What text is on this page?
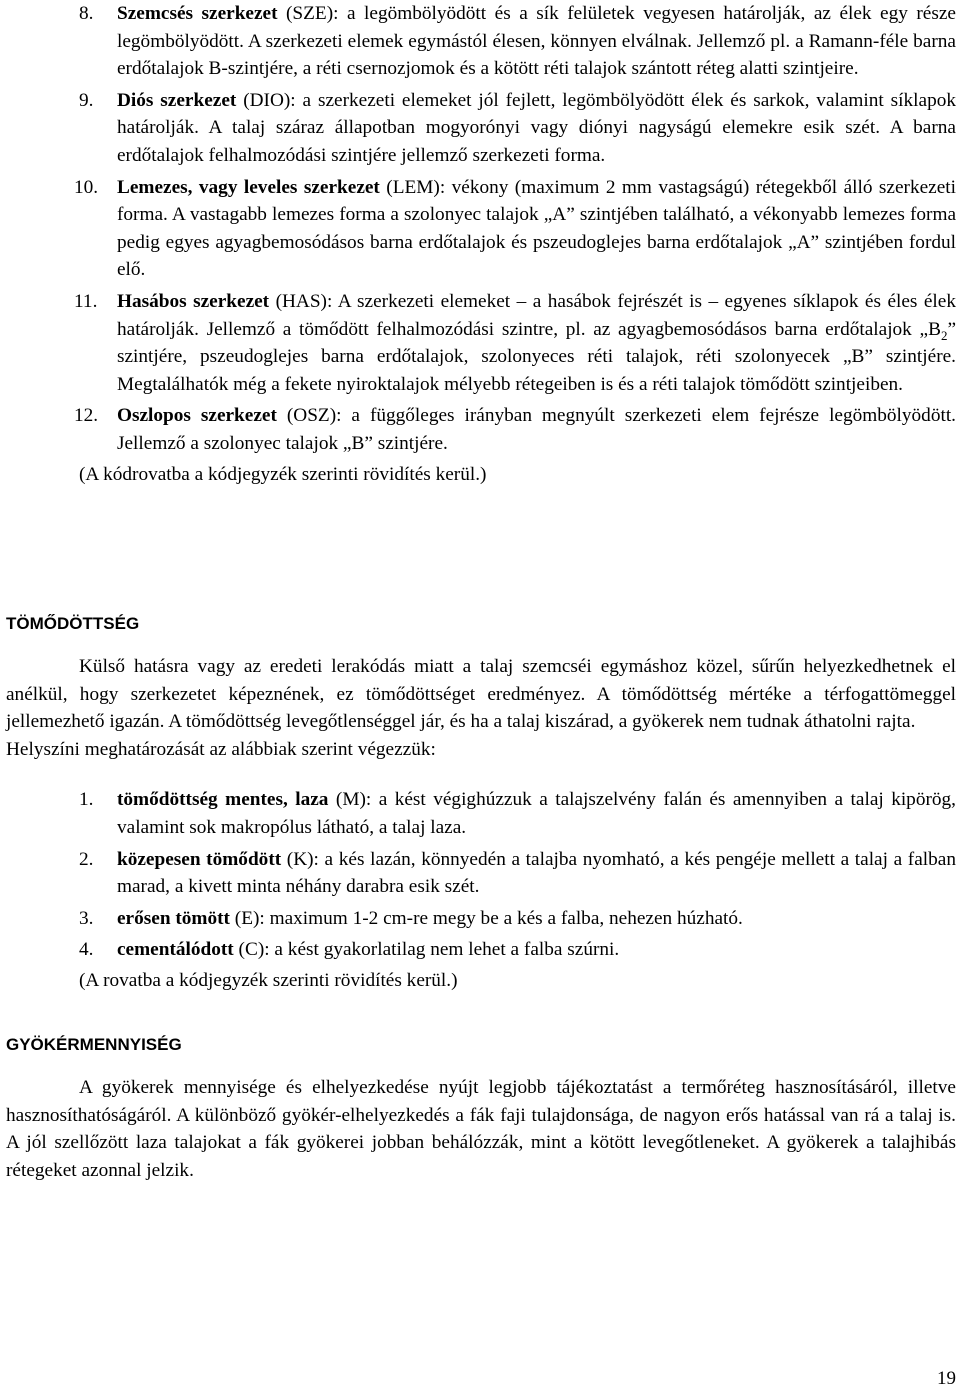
8. Szemcsés szerkezet (SZE): a legömbölyödött és a sík felületek vegyesen határolják, az élek egy része legömbölyödött. A szerkezeti elemek egymástól élesen, könnyen elválnak. Jellemző pl. a Ramann-féle barna erdőtalajok B-szintjére, a réti csernozjomok és a kötött réti talajok szántott réteg alatti szintjeire.
9. Diós szerkezet (DIO): a szerkezeti elemeket jól fejlett, legömbölyödött élek és sarkok, valamint síklapok határolják. A talaj száraz állapotban mogyorónyi vagy diónyi nagyságú elemekre esik szét. A barna erdőtalajok felhalmozódási szintjére jellemző szerkezeti forma.
10. Lemezes, vagy leveles szerkezet (LEM): vékony (maximum 2 mm vastagságú) rétegekből álló szerkezeti forma. A vastagabb lemezes forma a szolonyec talajok „A” szintjében található, a vékonyabb lemezes forma pedig egyes agyagbemosódásos barna erdőtalajok és pszeudoglejes barna erdőtalajok „A” szintjében fordul elő.
11. Hasábos szerkezet (HAS): A szerkezeti elemeket – a hasábok fejrészét is – egyenes síklapok és éles élek határolják. Jellemző a tömődött felhalmozódási szintre, pl. az agyagbemosódásos barna erdőtalajok $„B_2$” szintjére, pszeudoglejes barna erdőtalajok, szolonyeces réti talajok, réti szolonyecek „B” szintjére. Megtalálhatók még a fekete nyiroktalajok mélyebb rétegeiben is és a réti talajok tömődött szintjeiben.
12. Oszlopos szerkezet (OSZ): a függőleges irányban megnyúlt szerkezeti elem fejrésze legömbölyödött. Jellemző a szolonyec talajok „B” szintjére.
(A kódrovatba a kódjegyzék szerinti rövidítés kerül.)
TÖMŐDÖTTSÉG

Külső hatásra vagy az eredeti lerakódás miatt a talaj szemcséi egymáshoz közel, sűrűn helyezkedhetnek el anélkül, hogy szerkezetet képeznének, ez tömődöttséget eredményez. A tömődöttség mértéke a térfogattömeggel jellemezhető igazán. A tömődöttség levegőtlenséggel jár, és ha a talaj kiszárad, a gyökerek nem tudnak áthatolni rajta.

Helyszíni meghatározását az alábbiak szerint végezzük:

1. tömődöttség mentes, laza (M): a kést végighúzzuk a talajszelvény falán és amennyiben a talaj kipörög, valamint sok makropólus látható, a talaj laza.
2. közepesen tömődött (K): a kés lazán, könnyedén a talajba nyomható, a kés pengéje mellett a talaj a falban marad, a kivett minta néhány darabra esik szét.
3. erősen tömött (E): maximum 1-2 cm-re megy be a kés a falba, nehezen húzható.
4. cementálódott (C): a kést gyakorlatilag nem lehet a falba szúrni.
(A rovatba a kódjegyzék szerinti rövidítés kerül.)
GYÖKÉRMENNYISÉG

A gyökerek mennyisége és elhelyezkedése nyújt legjobb tájékoztatást a termőréteg hasznosításáról, illetve hasznosíthatóságáról. A különböző gyökér-elhelyezkedés a fák faji tulajdonsága, de nagyon erős hatással van rá a talaj is. A jól szellőzött laza talajokat a fák gyökerei jobban behálózzák, mint a kötött levegőtleneket. A gyökerek a talajhibás rétegeket azonnal jelzik.

19
